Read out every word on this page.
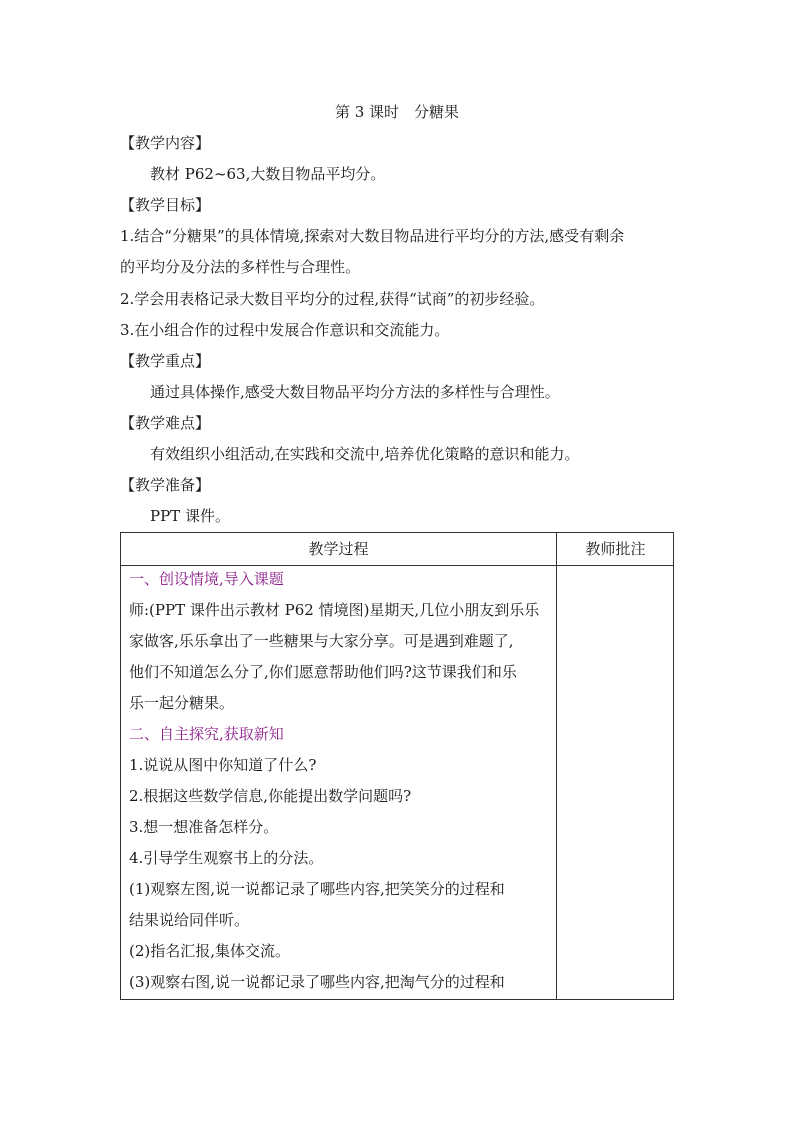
第 3 课时　分糖果
【教学内容】
教材 P62~63,大数目物品平均分。
【教学目标】
1.结合“分糖果”的具体情境,探索对大数目物品进行平均分的方法,感受有剩余
的平均分及分法的多样性与合理性。
2.学会用表格记录大数目平均分的过程,获得“试商”的初步经验。
3.在小组合作的过程中发展合作意识和交流能力。
【教学重点】
通过具体操作,感受大数目物品平均分方法的多样性与合理性。
【教学难点】
有效组织小组活动,在实践和交流中,培养优化策略的意识和能力。
【教学准备】
PPT 课件。
教学过程	教师批注
一、创设情境,导入课题
师:(PPT 课件出示教材 P62 情境图)星期天,几位小朋友到乐乐
家做客,乐乐拿出了一些糖果与大家分享。可是遇到难题了,
他们不知道怎么分了,你们愿意帮助他们吗?这节课我们和乐
乐一起分糖果。
二、自主探究,获取新知
1.说说从图中你知道了什么?
2.根据这些数学信息,你能提出数学问题吗?
3.想一想准备怎样分。
4.引导学生观察书上的分法。
(1)观察左图,说一说都记录了哪些内容,把笑笑分的过程和
结果说给同伴听。
(2)指名汇报,集体交流。
(3)观察右图,说一说都记录了哪些内容,把淘气分的过程和
